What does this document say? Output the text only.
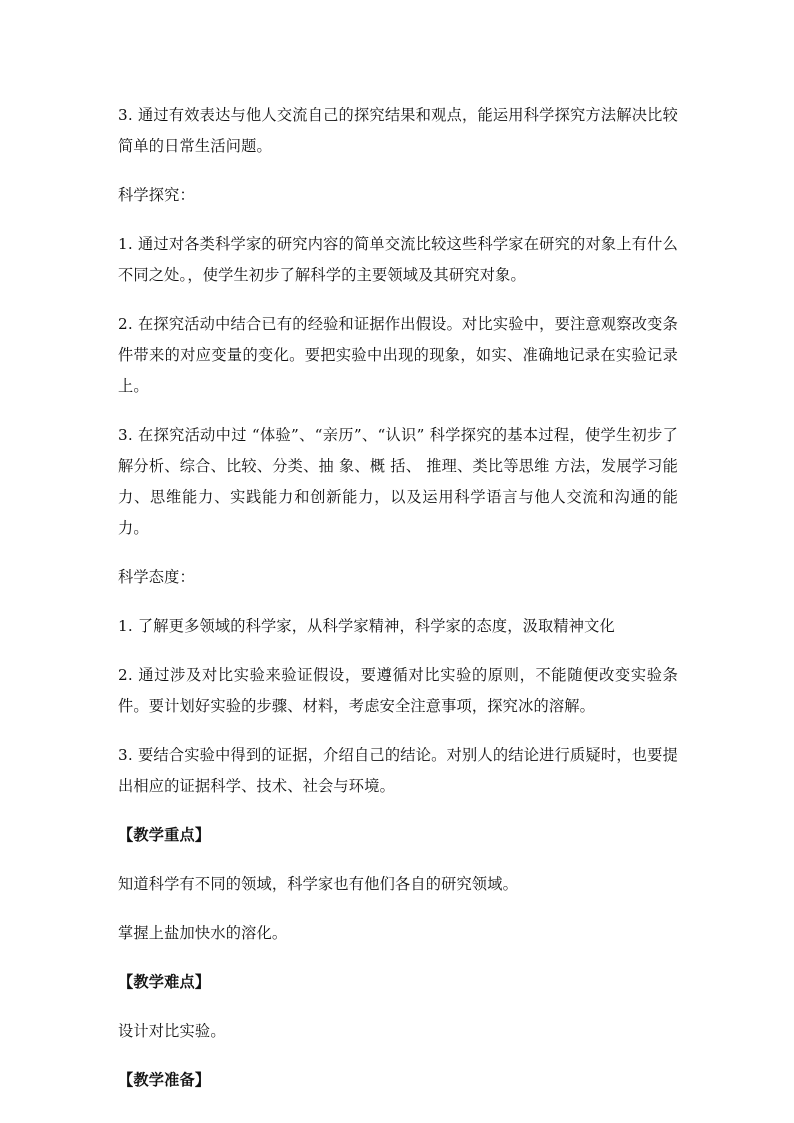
3. 通过有效表达与他人交流自己的探究结果和观点，能运用科学探究方法解决比较简单的日常生活问题。

科学探究：

1. 通过对各类科学家的研究内容的简单交流比较这些科学家在研究的对象上有什么不同之处。，使学生初步了解科学的主要领域及其研究对象。

2. 在探究活动中结合已有的经验和证据作出假设。对比实验中，要注意观察改变条件带来的对应变量的变化。要把实验中出现的现象，如实、准确地记录在实验记录上。

3. 在探究活动中过 “体验”、“亲历”、“认识” 科学探究的基本过程，使学生初步了解分析、综合、比较、分类、抽 象、概 括、 推理、类比等思维 方法，发展学习能力、思维能力、实践能力和创新能力，以及运用科学语言与他人交流和沟通的能力。

科学态度：

1. 了解更多领域的科学家，从科学家精神，科学家的态度，汲取精神文化

2. 通过涉及对比实验来验证假设，要遵循对比实验的原则，不能随便改变实验条件。要计划好实验的步骤、材料，考虑安全注意事项，探究冰的溶解。

3. 要结合实验中得到的证据，介绍自己的结论。对别人的结论进行质疑时，也要提出相应的证据科学、技术、社会与环境。

【教学重点】

知道科学有不同的领域，科学家也有他们各自的研究领域。

掌握上盐加快水的溶化。

【教学难点】

设计对比实验。

【教学准备】
